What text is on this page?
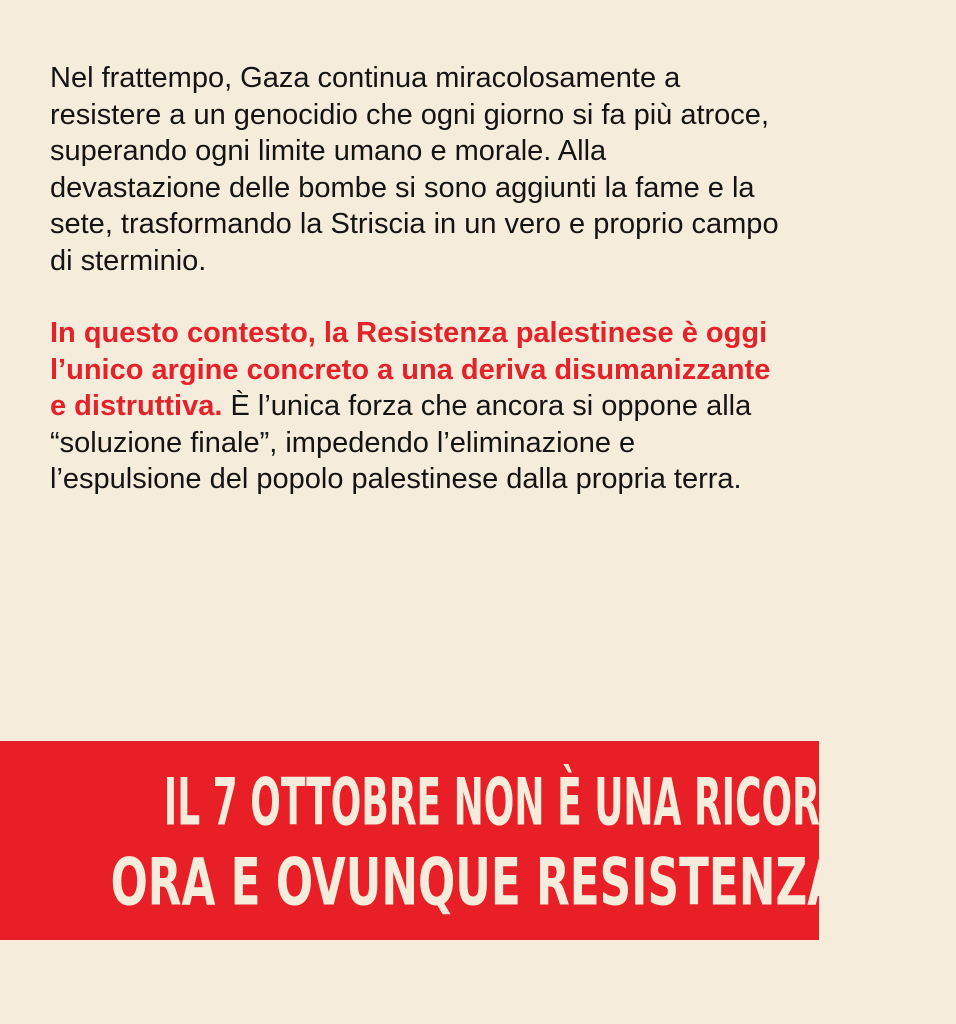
Nel frattempo, Gaza continua miracolosamente a resistere a un genocidio che ogni giorno si fa più atroce, superando ogni limite umano e morale. Alla devastazione delle bombe si sono aggiunti la fame e la sete, trasformando la Striscia in un vero e proprio campo di sterminio.

In questo contesto, la Resistenza palestinese è oggi l’unico argine concreto a una deriva disumanizzante e distruttiva. È l’unica forza che ancora si oppone alla “soluzione finale”, impedendo l’eliminazione e l’espulsione del popolo palestinese dalla propria terra.

IL 7 OTTOBRE NON È UNA RICORRENZA
ORA E OVUNQUE RESISTENZA
